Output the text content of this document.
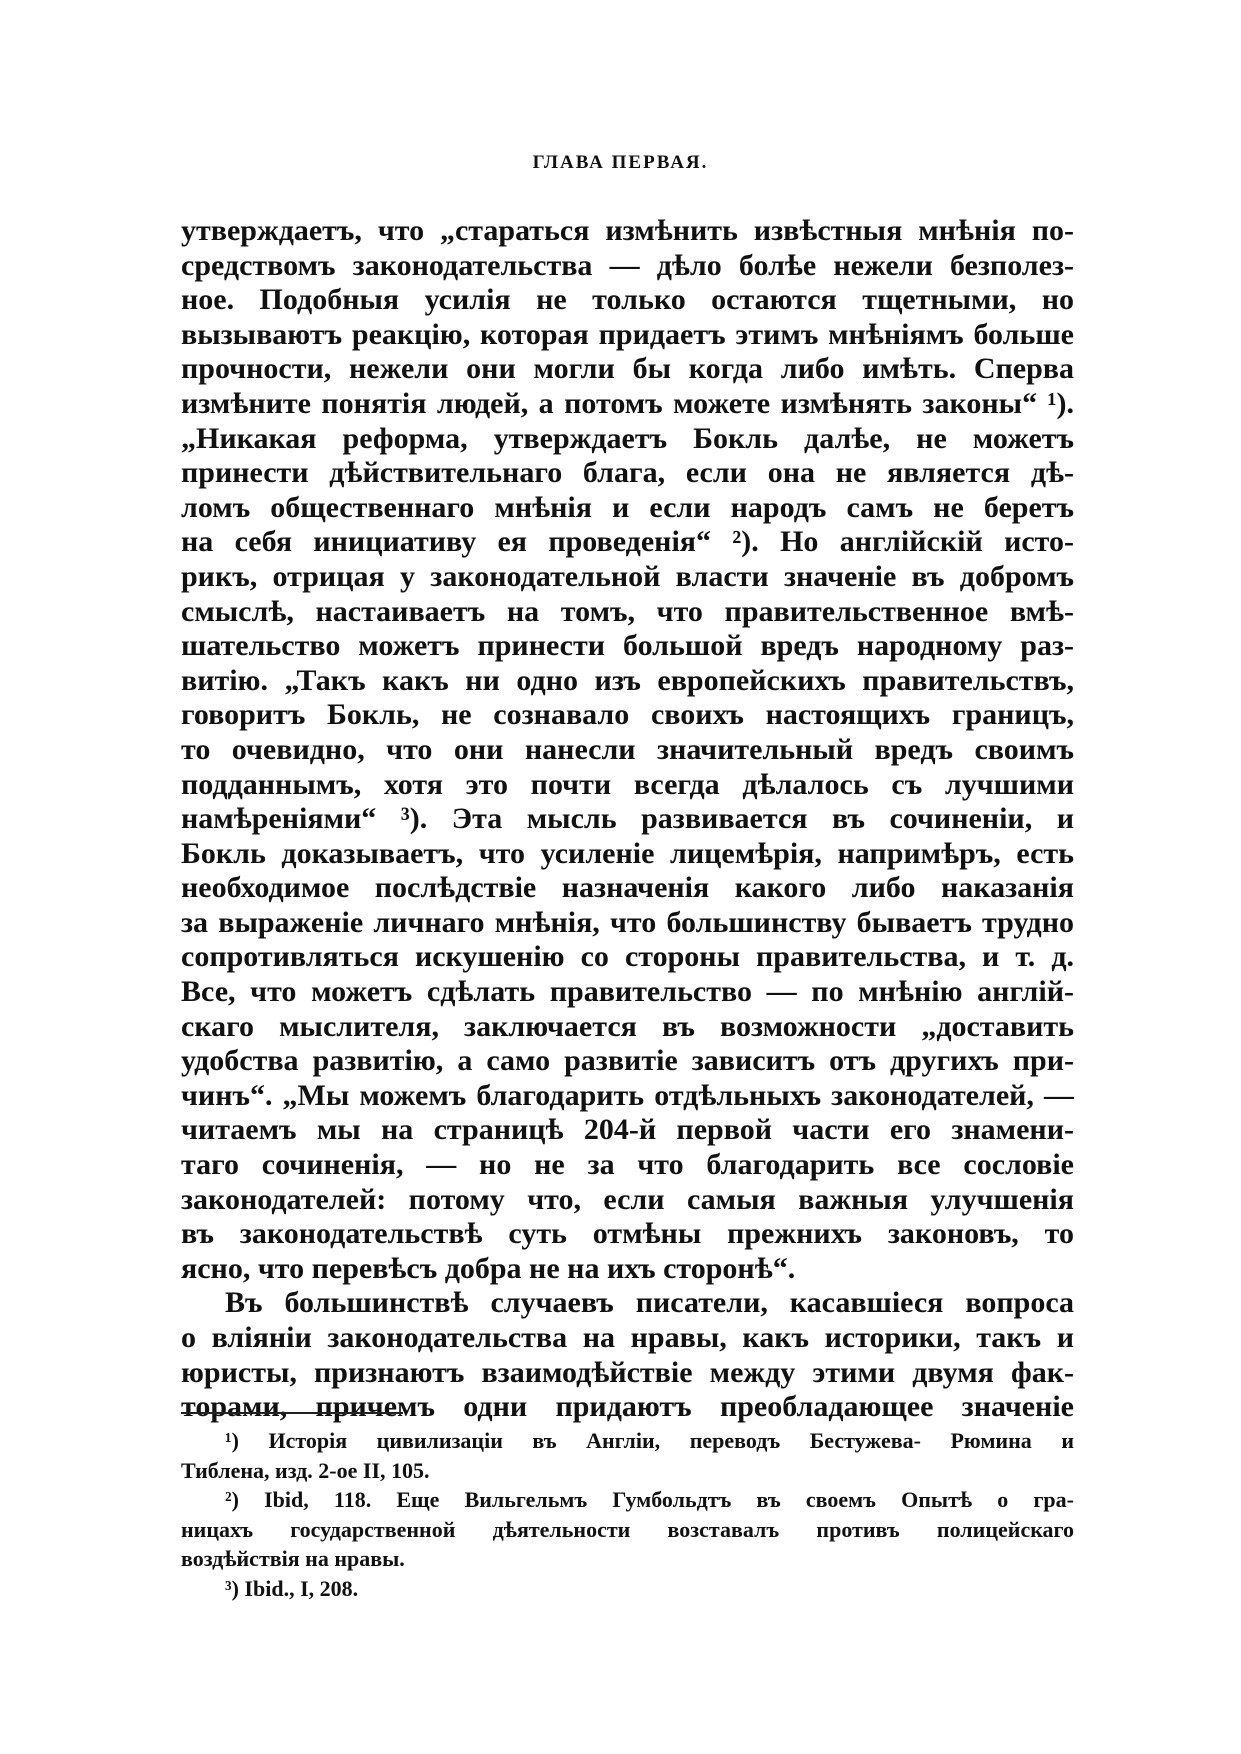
ГЛАВА ПЕРВАЯ.
утверждаетъ, что „стараться измѣнить извѣстныя мнѣнія по-
средствомъ законодательства — дѣло болѣе нежели безполез-
ное. Подобныя усилія не только остаются тщетными, но
вызываютъ реакцію, которая придаетъ этимъ мнѣніямъ больше
прочности, нежели они могли бы когда либо имѣть. Сперва
измѣните понятія людей, а потомъ можете измѣнять законы“ ¹).
„Никакая реформа, утверждаетъ Бокль далѣе, не можетъ
принести дѣйствительнаго блага, если она не является дѣ-
ломъ общественнаго мнѣнія и если народъ самъ не беретъ
на себя инициативу ея проведенія“ ²). Но англійскій исто-
рикъ, отрицая у законодательной власти значеніе въ добромъ
смыслѣ, настаиваетъ на томъ, что правительственное вмѣ-
шательство можетъ принести большой вредъ народному раз-
витію. „Такъ какъ ни одно изъ европейскихъ правительствъ,
говоритъ Бокль, не сознавало своихъ настоящихъ границъ,
то очевидно, что они нанесли значительный вредъ своимъ
подданнымъ, хотя это почти всегда дѣлалось съ лучшими
намѣреніями“ ³). Эта мысль развивается въ сочиненіи, и
Бокль доказываетъ, что усиленіе лицемѣрія, напримѣръ, есть
необходимое послѣдствіе назначенія какого либо наказанія
за выраженіе личнаго мнѣнія, что большинству бываетъ трудно
сопротивляться искушенію со стороны правительства, и т. д.
Все, что можетъ сдѣлать правительство — по мнѣнію англій-
скаго мыслителя, заключается въ возможности „доставить
удобства развитію, а само развитіе зависитъ отъ другихъ при-
чинъ“. „Мы можемъ благодарить отдѣльныхъ законодателей, —
читаемъ мы на страницѣ 204-й первой части его знамени-
таго сочиненія, — но не за что благодарить все сословіе
законодателей: потому что, если самыя важныя улучшенія
въ законодательствѣ суть отмѣны прежнихъ законовъ, то
ясно, что перевѣсъ добра не на ихъ сторонѣ“.
Въ большинствѣ случаевъ писатели, касавшіеся вопроса
о вліяніи законодательства на нравы, какъ историки, такъ и
юристы, признаютъ взаимодѣйствіе между этими двумя фак-
торами, причемъ одни придаютъ преобладающее значеніе
¹) Исторія цивилизаціи въ Англіи, переводъ Бестужева- Рюмина и
Тиблена, изд. 2-ое II, 105.
²) Ibid, 118. Еще Вильгельмъ Гумбольдтъ въ своемъ Опытѣ о гра-
ницахъ государственной дѣятельности возставалъ противъ полицейскаго
воздѣйствія на нравы.
³) Ibid., I, 208.
